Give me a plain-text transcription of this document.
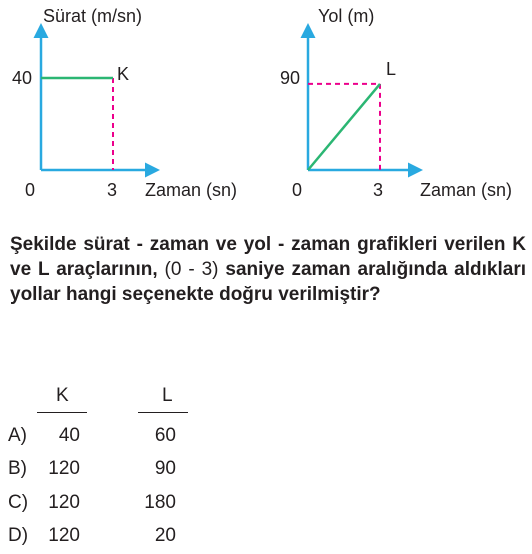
Sürat (m/sn)
40	K
0	3 Zaman (sn)
Yol (m)
90	L
0	3 Zaman (sn)
Şekilde sürat - zaman ve yol - zaman grafikleri verilen K ve L araçlarının, (0 - 3) saniye zaman aralığında aldıkları yollar hangi seçenekte doğru verilmiştir?
K	L
A)	40	60
B)	120	90
C)	120	180
D)	120	20
